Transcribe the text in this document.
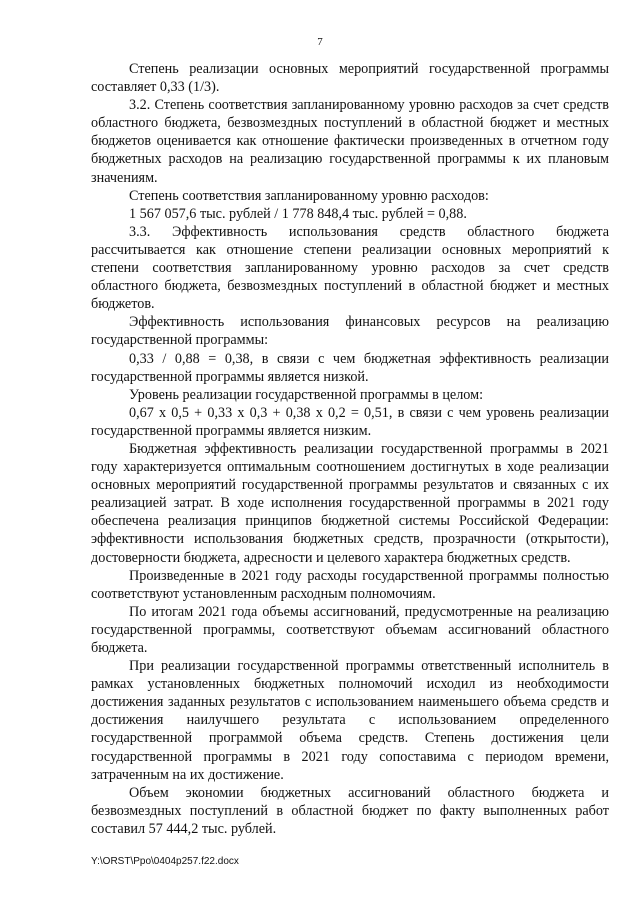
7

Степень реализации основных мероприятий государственной программы составляет 0,33 (1/3).

3.2. Степень соответствия запланированному уровню расходов за счет средств областного бюджета, безвозмездных поступлений в областной бюджет и местных бюджетов оценивается как отношение фактически произведенных в отчетном году бюджетных расходов на реализацию государственной программы к их плановым значениям.

Степень соответствия запланированному уровню расходов:

1 567 057,6 тыс. рублей / 1 778 848,4 тыс. рублей = 0,88.

3.3. Эффективность использования средств областного бюджета рассчитывается как отношение степени реализации основных мероприятий к степени соответствия запланированному уровню расходов за счет средств областного бюджета, безвозмездных поступлений в областной бюджет и местных бюджетов.

Эффективность использования финансовых ресурсов на реализацию государственной программы:

0,33 / 0,88 = 0,38, в связи с чем бюджетная эффективность реализации государственной программы является низкой.

Уровень реализации государственной программы в целом:

0,67 х 0,5 + 0,33 х 0,3 + 0,38 х 0,2 = 0,51, в связи с чем уровень реализации государственной программы является низким.

Бюджетная эффективность реализации государственной программы в 2021 году характеризуется оптимальным соотношением достигнутых в ходе реализации основных мероприятий государственной программы результатов и связанных с их реализацией затрат. В ходе исполнения государственной программы в 2021 году обеспечена реализация принципов бюджетной системы Российской Федерации: эффективности использования бюджетных средств, прозрачности (открытости), достоверности бюджета, адресности и целевого характера бюджетных средств.

Произведенные в 2021 году расходы государственной программы полностью соответствуют установленным расходным полномочиям.

По итогам 2021 года объемы ассигнований, предусмотренные на реализацию государственной программы, соответствуют объемам ассигнований областного бюджета.

При реализации государственной программы ответственный исполнитель в рамках установленных бюджетных полномочий исходил из необходимости достижения заданных результатов с использованием наименьшего объема средств и достижения наилучшего результата с использованием определенного государственной программой объема средств. Степень достижения цели государственной программы в 2021 году сопоставима с периодом времени, затраченным на их достижение.

Объем экономии бюджетных ассигнований областного бюджета и безвозмездных поступлений в областной бюджет по факту выполненных работ составил 57 444,2 тыс. рублей.

Y:\ORST\Ppo\0404p257.f22.docx
